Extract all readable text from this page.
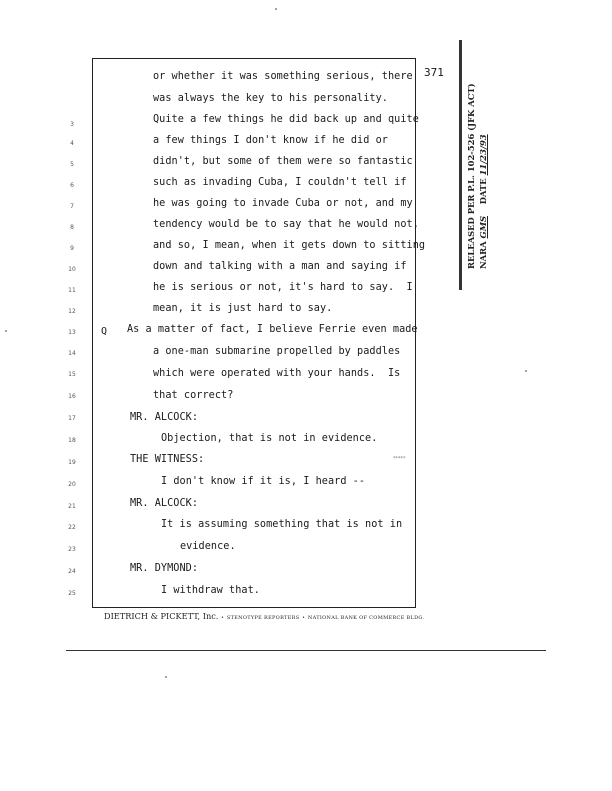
371
3
4
5
6
7
8
9
10
11
12
13
14
15
16
17
18
19
20
21
22
23
24
25
or whether it was something serious, there
was always the key to his personality.
Quite a few things he did back up and quite
a few things I don't know if he did or
didn't, but some of them were so fantastic
such as invading Cuba, I couldn't tell if
he was going to invade Cuba or not, and my
tendency would be to say that he would not,
and so, I mean, when it gets down to sitting
down and talking with a man and saying if
he is serious or not, it's hard to say.  I
mean, it is just hard to say.
Q As a matter of fact, I believe Ferrie even made
a one-man submarine propelled by paddles
which were operated with your hands.  Is
that correct?
MR. ALCOCK:
Objection, that is not in evidence.
THE WITNESS:
I don't know if it is, I heard --
MR. ALCOCK:
It is assuming something that is not in
evidence.
MR. DYMOND:
I withdraw that.
*****
DIETRICH & PICKETT, Inc. • STENOTYPE REPORTERS • NATIONAL BANK OF COMMERCE BLDG.
RELEASED PER P.L. 102-526 (JFK ACT) NARA GMS    DATE 11/23/93
